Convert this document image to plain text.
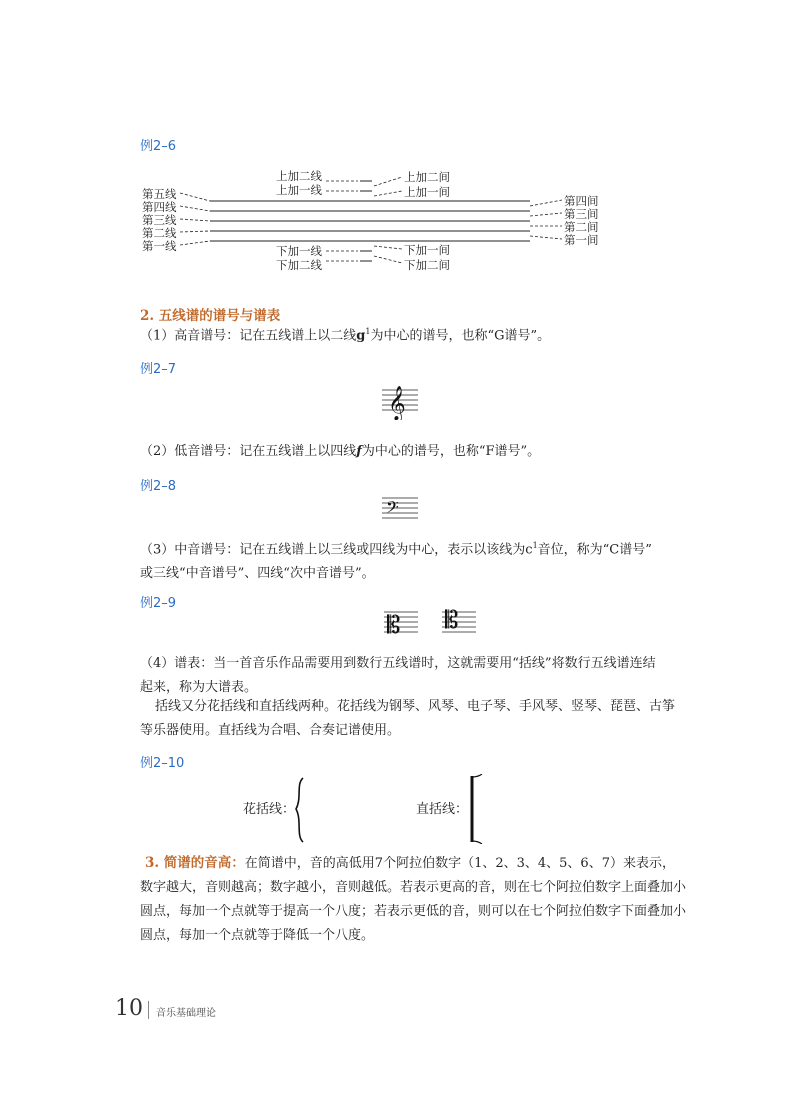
例2–6
第五线
第四线
第三线
第二线
第一线
第四间
第三间
第二间
第一间
上加二线
上加一线
上加二间
上加一间
下加一线
下加二线
下加一间
下加二间
2. 五线谱的谱号与谱表
（1）高音谱号：记在五线谱上以二线$g^1$为中心的谱号，也称“G谱号”。
例2–7
𝄞
（2）低音谱号：记在五线谱上以四线f为中心的谱号，也称“F谱号”。
例2–8
𝄢
（3）中音谱号：记在五线谱上以三线或四线为中心，表示以该线为$c^1$音位，称为“C谱号”
或三线“中音谱号”、四线“次中音谱号”。
例2–9
𝄡 𝄡
（4）谱表：当一首音乐作品需要用到数行五线谱时，这就需要用“括线”将数行五线谱连结
起来，称为大谱表。
括线又分花括线和直括线两种。花括线为钢琴、风琴、电子琴、手风琴、竖琴、琵琶、古筝
等乐器使用。直括线为合唱、合奏记谱使用。
例2–10
花括线：	直括线：
3. 简谱的音高：在简谱中，音的高低用7个阿拉伯数字（1、2、3、4、5、6、7）来表示，
数字越大，音则越高；数字越小，音则越低。若表示更高的音，则在七个阿拉伯数字上面叠加小
圆点，每加一个点就等于提高一个八度；若表示更低的音，则可以在七个阿拉伯数字下面叠加小
圆点，每加一个点就等于降低一个八度。
10 音乐基础理论
